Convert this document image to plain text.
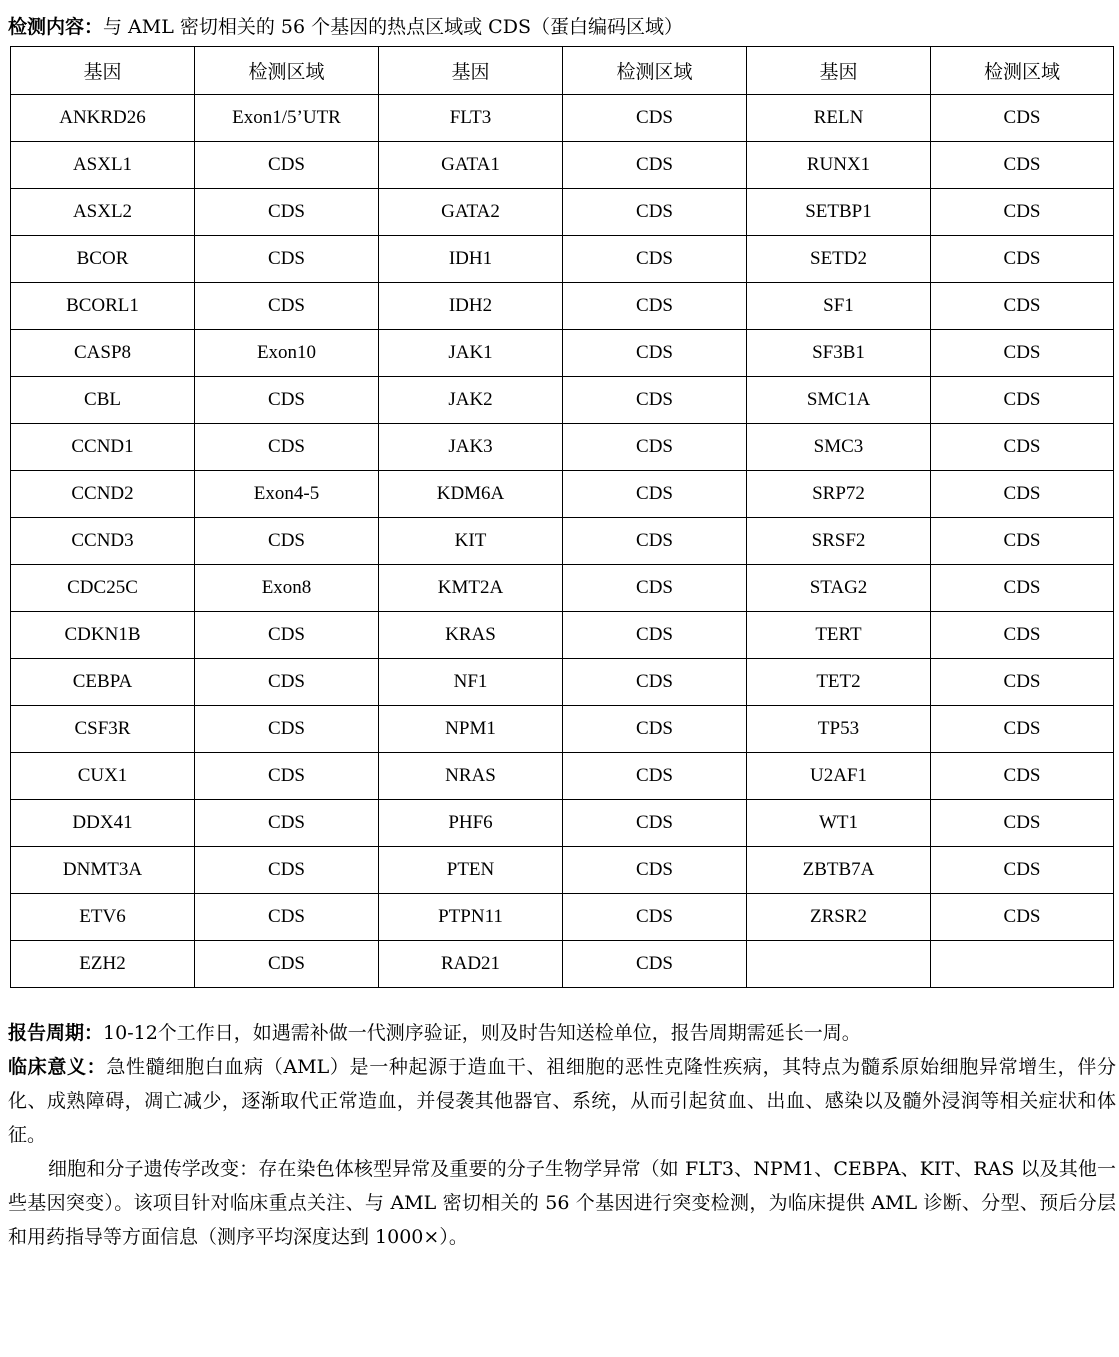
检测内容：与 AML 密切相关的 56 个基因的热点区域或 CDS（蛋白编码区域）
基因	检测区域	基因	检测区域	基因	检测区域
ANKRD26	Exon1/5’UTR	FLT3	CDS	RELN	CDS
ASXL1	CDS	GATA1	CDS	RUNX1	CDS
ASXL2	CDS	GATA2	CDS	SETBP1	CDS
BCOR	CDS	IDH1	CDS	SETD2	CDS
BCORL1	CDS	IDH2	CDS	SF1	CDS
CASP8	Exon10	JAK1	CDS	SF3B1	CDS
CBL	CDS	JAK2	CDS	SMC1A	CDS
CCND1	CDS	JAK3	CDS	SMC3	CDS
CCND2	Exon4-5	KDM6A	CDS	SRP72	CDS
CCND3	CDS	KIT	CDS	SRSF2	CDS
CDC25C	Exon8	KMT2A	CDS	STAG2	CDS
CDKN1B	CDS	KRAS	CDS	TERT	CDS
CEBPA	CDS	NF1	CDS	TET2	CDS
CSF3R	CDS	NPM1	CDS	TP53	CDS
CUX1	CDS	NRAS	CDS	U2AF1	CDS
DDX41	CDS	PHF6	CDS	WT1	CDS
DNMT3A	CDS	PTEN	CDS	ZBTB7A	CDS
ETV6	CDS	PTPN11	CDS	ZRSR2	CDS
EZH2	CDS	RAD21	CDS		

报告周期：10-12个工作日，如遇需补做一代测序验证，则及时告知送检单位，报告周期需延长一周。

临床意义：急性髓细胞白血病（AML）是一种起源于造血干、祖细胞的恶性克隆性疾病，其特点为髓系原始细胞异常增生，伴分化、成熟障碍，凋亡减少，逐渐取代正常造血，并侵袭其他器官、系统，从而引起贫血、出血、感染以及髓外浸润等相关症状和体征。

细胞和分子遗传学改变：存在染色体核型异常及重要的分子生物学异常（如 FLT3、NPM1、CEBPA、KIT、RAS 以及其他一些基因突变）。该项目针对临床重点关注、与 AML 密切相关的 56 个基因进行突变检测，为临床提供 AML 诊断、分型、预后分层和用药指导等方面信息（测序平均深度达到 1000×）。
